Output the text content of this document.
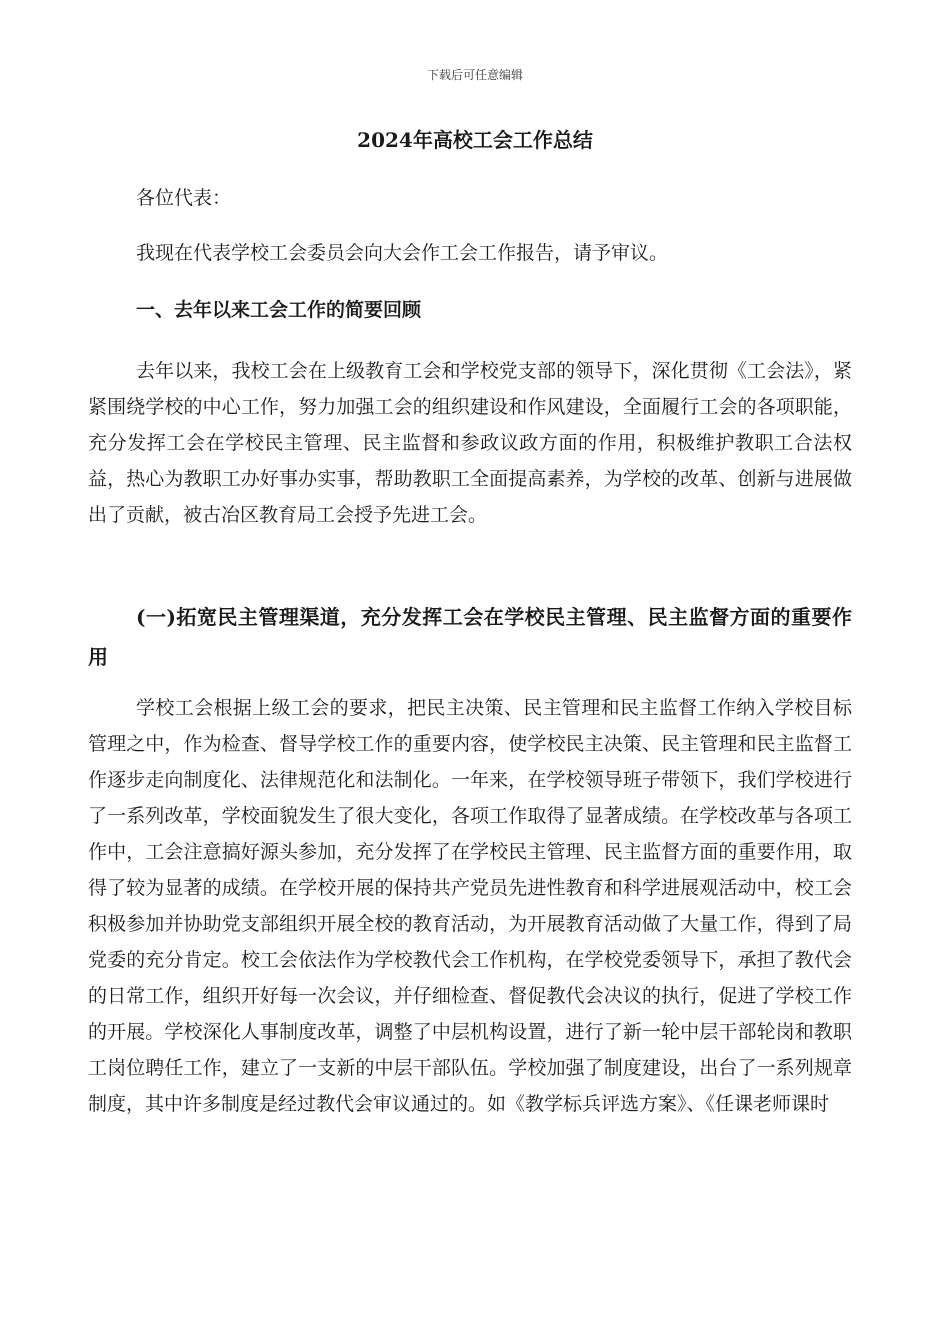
下载后可任意编辑
2024年高校工会工作总结

各位代表：

我现在代表学校工会委员会向大会作工会工作报告，请予审议。

一、去年以来工会工作的简要回顾

去年以来，我校工会在上级教育工会和学校党支部的领导下，深化贯彻《工会法》，紧紧围绕学校的中心工作，努力加强工会的组织建设和作风建设，全面履行工会的各项职能，充分发挥工会在学校民主管理、民主监督和参政议政方面的作用，积极维护教职工合法权益，热心为教职工办好事办实事，帮助教职工全面提高素养，为学校的改革、创新与进展做出了贡献，被古冶区教育局工会授予先进工会。

(一)拓宽民主管理渠道，充分发挥工会在学校民主管理、民主监督方面的重要作用

学校工会根据上级工会的要求，把民主决策、民主管理和民主监督工作纳入学校目标管理之中，作为检查、督导学校工作的重要内容，使学校民主决策、民主管理和民主监督工作逐步走向制度化、法律规范化和法制化。一年来，在学校领导班子带领下，我们学校进行了一系列改革，学校面貌发生了很大变化，各项工作取得了显著成绩。在学校改革与各项工作中，工会注意搞好源头参加，充分发挥了在学校民主管理、民主监督方面的重要作用，取得了较为显著的成绩。在学校开展的保持共产党员先进性教育和科学进展观活动中，校工会积极参加并协助党支部组织开展全校的教育活动，为开展教育活动做了大量工作，得到了局党委的充分肯定。校工会依法作为学校教代会工作机构，在学校党委领导下，承担了教代会的日常工作，组织开好每一次会议，并仔细检查、督促教代会决议的执行，促进了学校工作的开展。学校深化人事制度改革，调整了中层机构设置，进行了新一轮中层干部轮岗和教职工岗位聘任工作，建立了一支新的中层干部队伍。学校加强了制度建设，出台了一系列规章制度，其中许多制度是经过教代会审议通过的。如《教学标兵评选方案》、《任课老师课时
